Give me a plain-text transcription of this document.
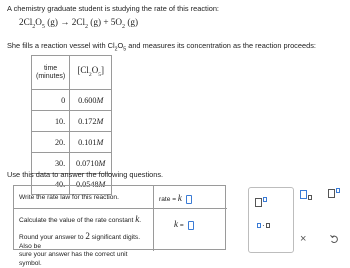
A chemistry graduate student is studying the rate of this reaction:
$2Cl_2O_5$ $(g) \to 2Cl_2$ $(g) + 5O_2$ (g)
She fills a reaction vessel with $Cl_2O_5$ and measures its concentration as the reaction proceeds:
time
(minutes)	$[Cl_2O_5]$
0	0.600M
10.	0.172M
20.	0.101M
30.	0.0710M
40.	0.0548M
Use this data to answer the following questions.
Write the rate law for this reaction.
Calculate the value of the rate constant k.
Round your answer to 2 significant digits. Also be
sure your answer has the correct unit symbol.
rate = k
k =	·
×
